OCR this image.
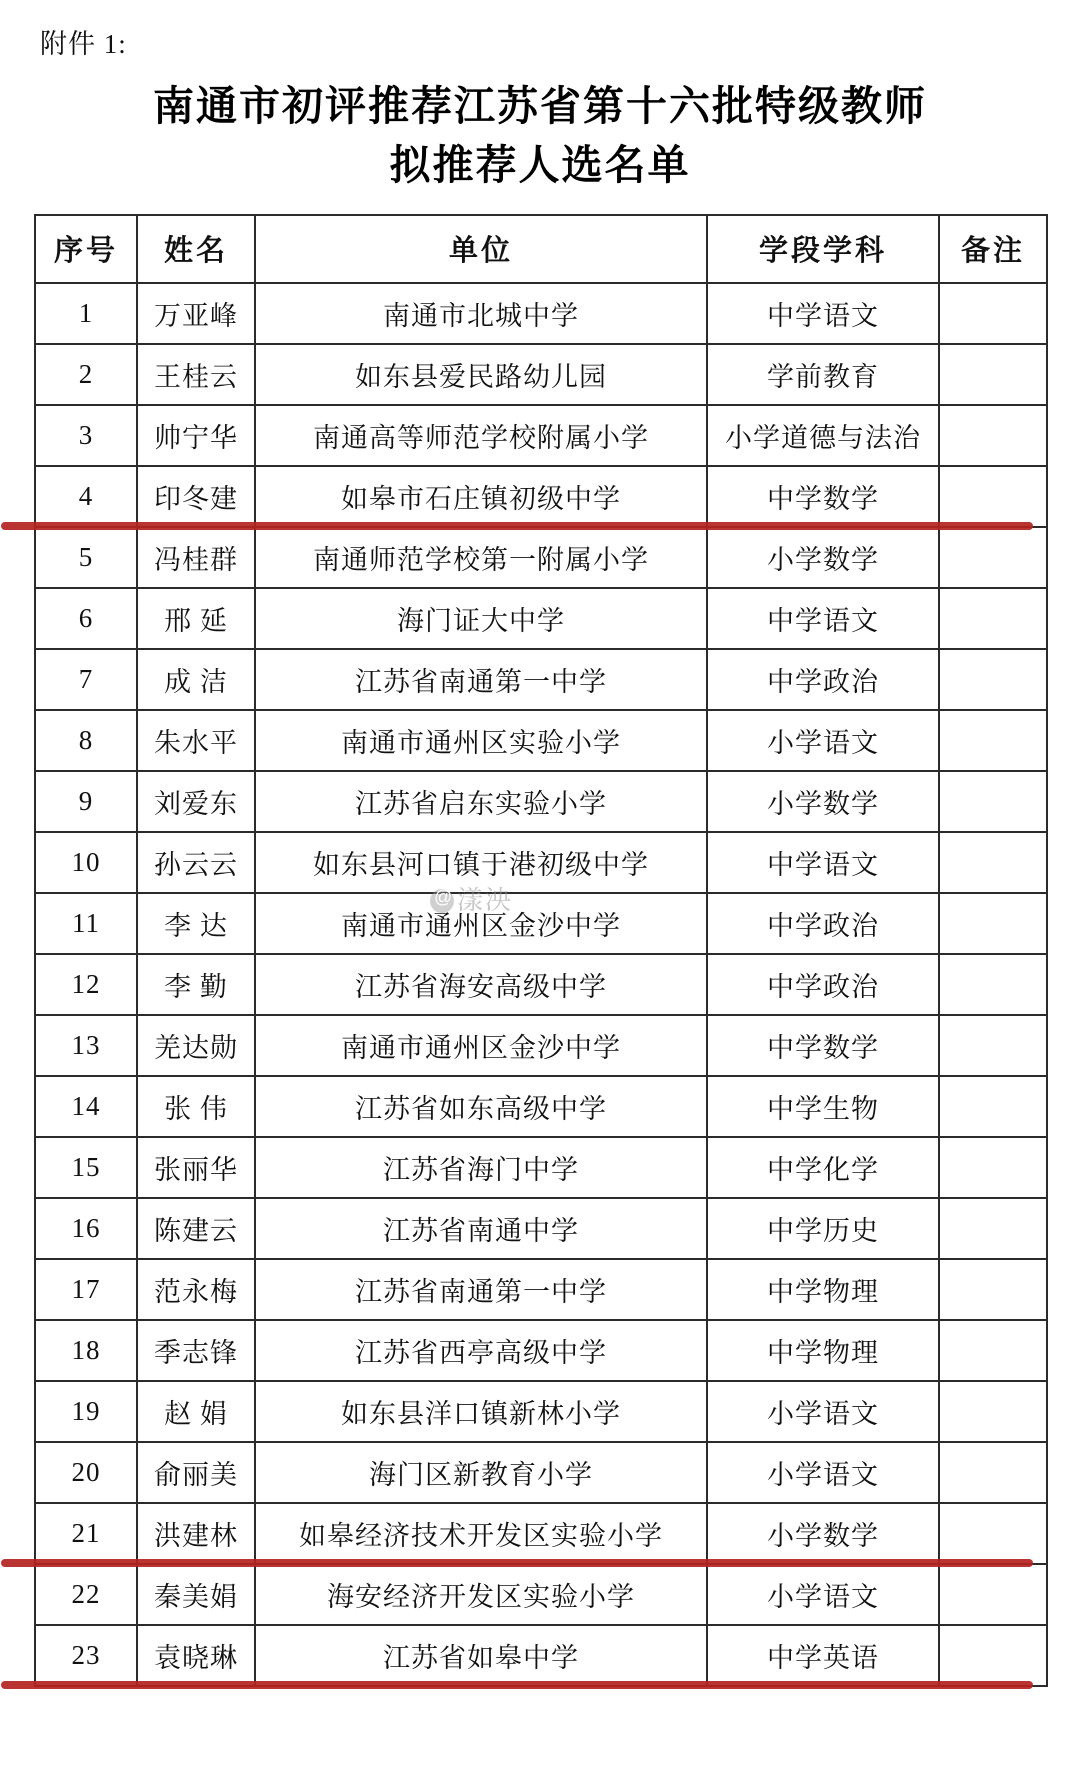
附件 1:
南通市初评推荐江苏省第十六批特级教师
拟推荐人选名单
序号	姓名	单位	学段学科	备注
1	万亚峰	南通市北城中学	中学语文	
2	王桂云	如东县爱民路幼儿园	学前教育	
3	帅宁华	南通高等师范学校附属小学	小学道德与法治	
4	印冬建	如皋市石庄镇初级中学	中学数学	
5	冯桂群	南通师范学校第一附属小学	小学数学	
6	邢 延	海门证大中学	中学语文	
7	成 洁	江苏省南通第一中学	中学政治	
8	朱水平	南通市通州区实验小学	小学语文	
9	刘爱东	江苏省启东实验小学	小学数学	
10	孙云云	如东县河口镇于港初级中学	中学语文	
11	李 达	南通市通州区金沙中学	中学政治	
12	李 勤	江苏省海安高级中学	中学政治	
13	羌达勋	南通市通州区金沙中学	中学数学	
14	张 伟	江苏省如东高级中学	中学生物	
15	张丽华	江苏省海门中学	中学化学	
16	陈建云	江苏省南通中学	中学历史	
17	范永梅	江苏省南通第一中学	中学物理	
18	季志锋	江苏省西亭高级中学	中学物理	
19	赵 娟	如东县洋口镇新林小学	小学语文	
20	俞丽美	海门区新教育小学	小学语文	
21	洪建林	如皋经济技术开发区实验小学	小学数学	
22	秦美娟	海安经济开发区实验小学	小学语文	
23	袁晓琳	江苏省如皋中学	中学英语	
@漾泱
